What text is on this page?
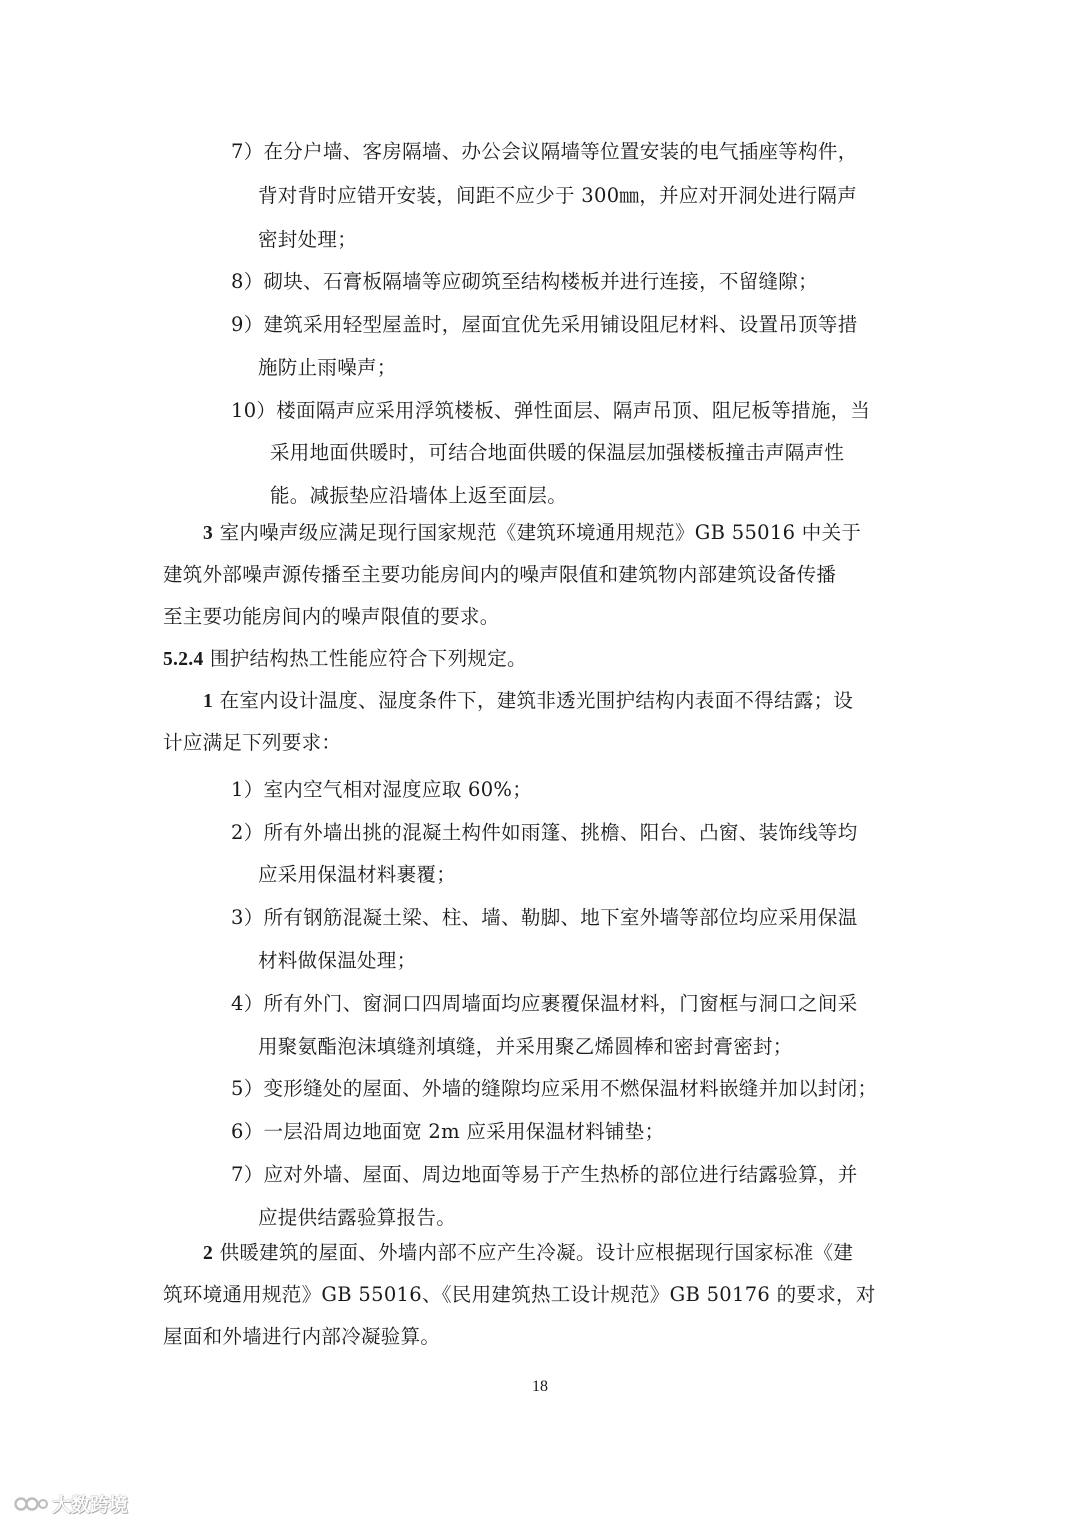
7）在分户墙、客房隔墙、办公会议隔墙等位置安装的电气插座等构件，
背对背时应错开安装，间距不应少于 300㎜，并应对开洞处进行隔声
密封处理；
8）砌块、石膏板隔墙等应砌筑至结构楼板并进行连接，不留缝隙；
9）建筑采用轻型屋盖时，屋面宜优先采用铺设阻尼材料、设置吊顶等措
施防止雨噪声；
10）楼面隔声应采用浮筑楼板、弹性面层、隔声吊顶、阻尼板等措施，当
采用地面供暖时，可结合地面供暖的保温层加强楼板撞击声隔声性
能。减振垫应沿墙体上返至面层。
3 室内噪声级应满足现行国家规范《建筑环境通用规范》GB 55016 中关于
建筑外部噪声源传播至主要功能房间内的噪声限值和建筑物内部建筑设备传播
至主要功能房间内的噪声限值的要求。
5.2.4 围护结构热工性能应符合下列规定。
1 在室内设计温度、湿度条件下，建筑非透光围护结构内表面不得结露；设
计应满足下列要求：
1）室内空气相对湿度应取 60%；
2）所有外墙出挑的混凝土构件如雨篷、挑檐、阳台、凸窗、装饰线等均
应采用保温材料裹覆；
3）所有钢筋混凝土梁、柱、墙、勒脚、地下室外墙等部位均应采用保温
材料做保温处理；
4）所有外门、窗洞口四周墙面均应裹覆保温材料，门窗框与洞口之间采
用聚氨酯泡沫填缝剂填缝，并采用聚乙烯圆棒和密封膏密封；
5）变形缝处的屋面、外墙的缝隙均应采用不燃保温材料嵌缝并加以封闭；
6）一层沿周边地面宽 2m 应采用保温材料铺垫；
7）应对外墙、屋面、周边地面等易于产生热桥的部位进行结露验算，并
应提供结露验算报告。
2 供暖建筑的屋面、外墙内部不应产生冷凝。设计应根据现行国家标准《建
筑环境通用规范》GB 55016、《民用建筑热工设计规范》GB 50176 的要求，对
屋面和外墙进行内部冷凝验算。
18
大数跨境
